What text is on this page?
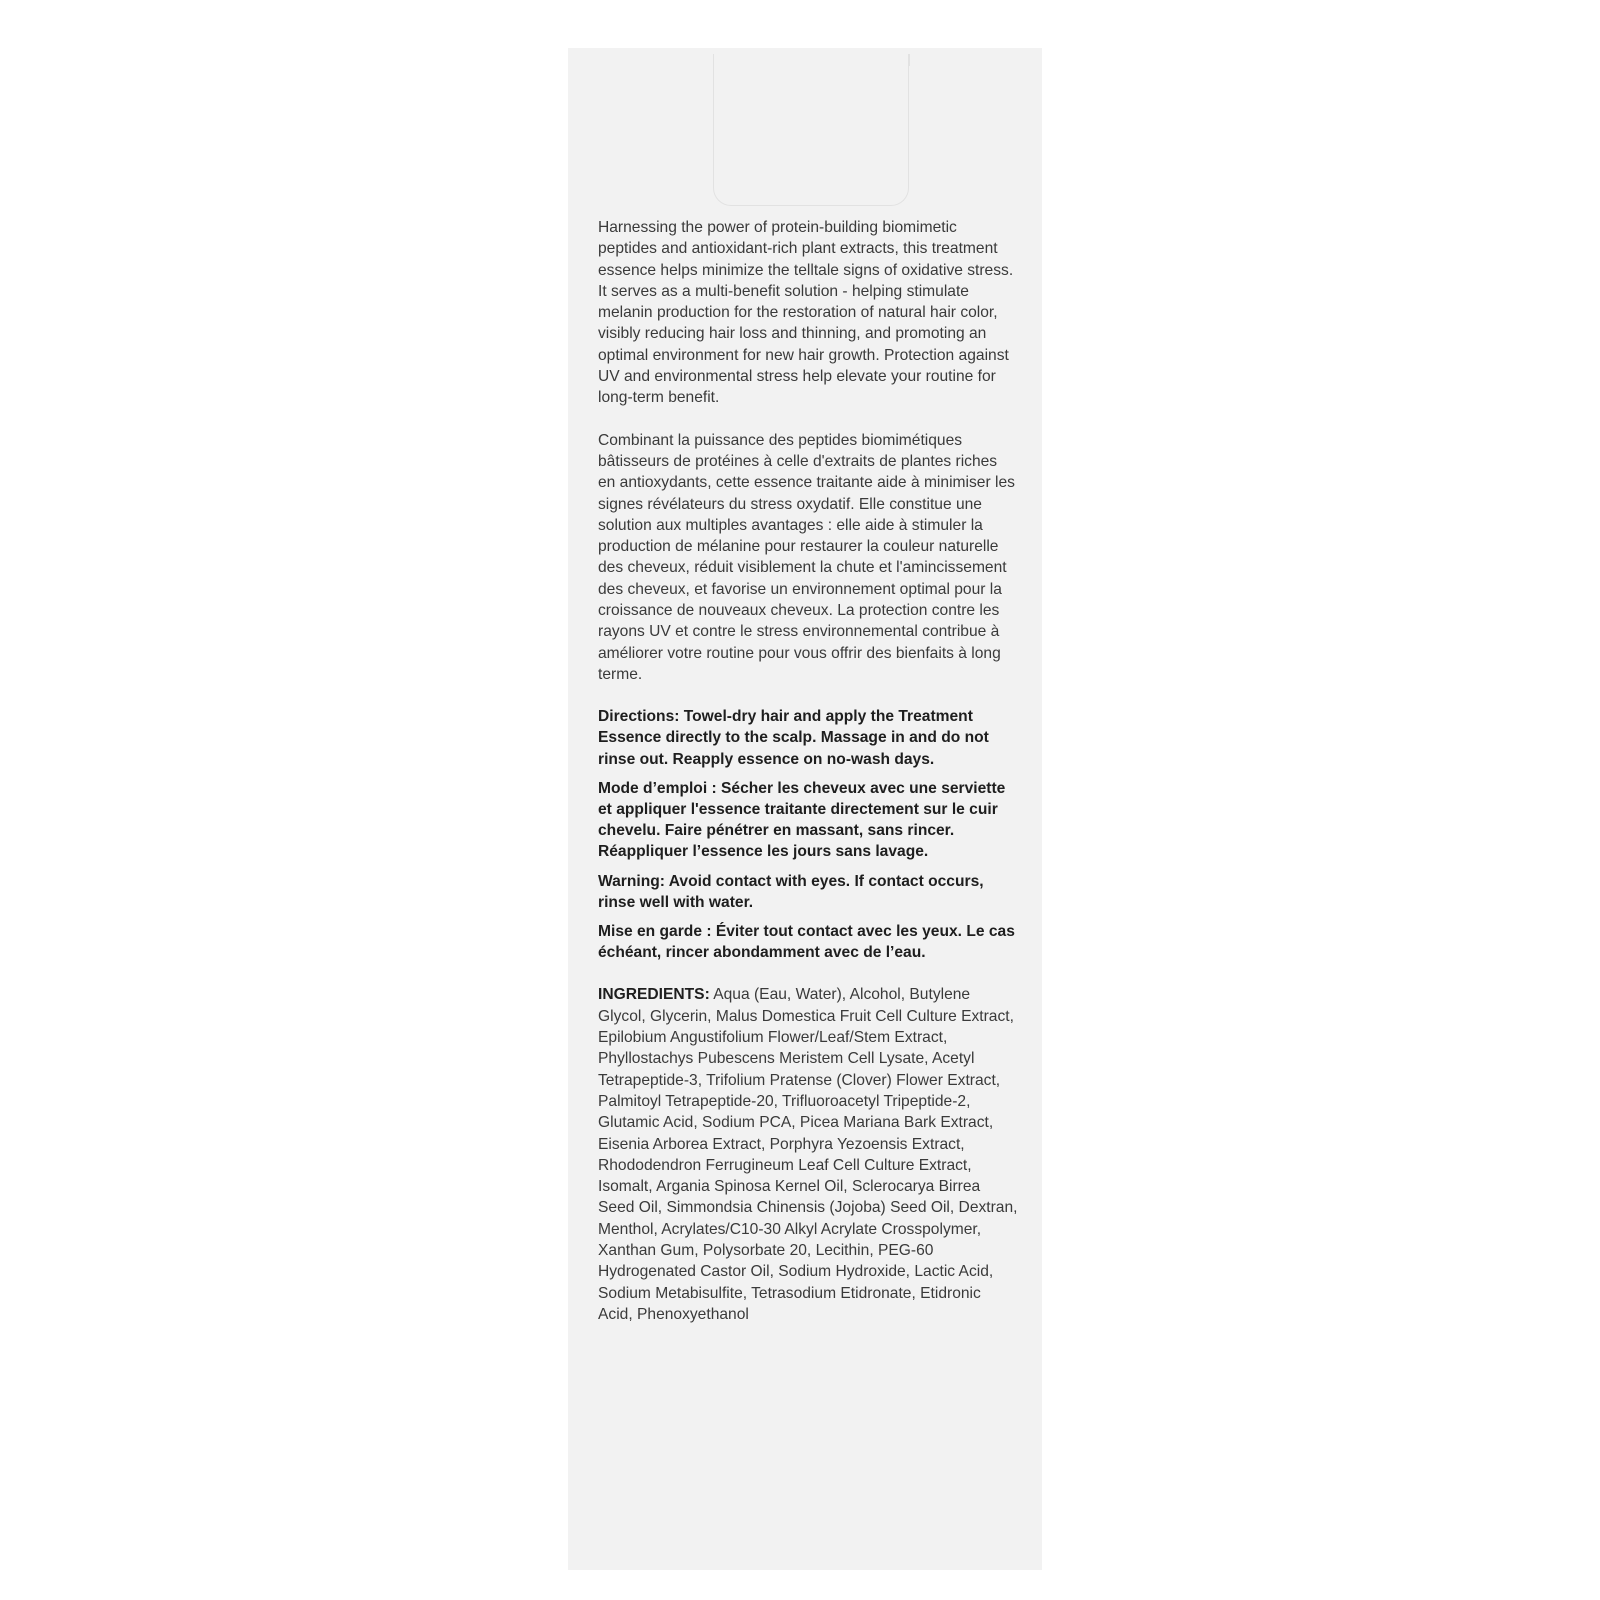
Harnessing the power of protein-building biomimetic peptides and antioxidant-rich plant extracts, this treatment essence helps minimize the telltale signs of oxidative stress. It serves as a multi-benefit solution - helping stimulate melanin production for the restoration of natural hair color, visibly reducing hair loss and thinning, and promoting an optimal environment for new hair growth. Protection against UV and environmental stress help elevate your routine for long-term benefit.

Combinant la puissance des peptides biomimétiques bâtisseurs de protéines à celle d'extraits de plantes riches en antioxydants, cette essence traitante aide à minimiser les signes révélateurs du stress oxydatif. Elle constitue une solution aux multiples avantages : elle aide à stimuler la production de mélanine pour restaurer la couleur naturelle des cheveux, réduit visiblement la chute et l'amincissement des cheveux, et favorise un environnement optimal pour la croissance de nouveaux cheveux. La protection contre les rayons UV et contre le stress environnemental contribue à améliorer votre routine pour vous offrir des bienfaits à long terme.

Directions: Towel-dry hair and apply the Treatment Essence directly to the scalp. Massage in and do not rinse out. Reapply essence on no-wash days.

Mode d’emploi : Sécher les cheveux avec une serviette et appliquer l'essence traitante directement sur le cuir chevelu. Faire pénétrer en massant, sans rincer. Réappliquer l’essence les jours sans lavage.

Warning: Avoid contact with eyes. If contact occurs, rinse well with water.

Mise en garde : Éviter tout contact avec les yeux. Le cas échéant, rincer abondamment avec de l’eau.

INGREDIENTS: Aqua (Eau, Water), Alcohol, Butylene Glycol, Glycerin, Malus Domestica Fruit Cell Culture Extract, Epilobium Angustifolium Flower/Leaf/Stem Extract, Phyllostachys Pubescens Meristem Cell Lysate, Acetyl Tetrapeptide-3, Trifolium Pratense (Clover) Flower Extract, Palmitoyl Tetrapeptide-20, Trifluoroacetyl Tripeptide-2, Glutamic Acid, Sodium PCA, Picea Mariana Bark Extract, Eisenia Arborea Extract, Porphyra Yezoensis Extract, Rhododendron Ferrugineum Leaf Cell Culture Extract, Isomalt, Argania Spinosa Kernel Oil, Sclerocarya Birrea Seed Oil, Simmondsia Chinensis (Jojoba) Seed Oil, Dextran, Menthol, Acrylates/C10-30 Alkyl Acrylate Crosspolymer, Xanthan Gum, Polysorbate 20, Lecithin, PEG-60 Hydrogenated Castor Oil, Sodium Hydroxide, Lactic Acid, Sodium Metabisulfite, Tetrasodium Etidronate, Etidronic Acid, Phenoxyethanol
